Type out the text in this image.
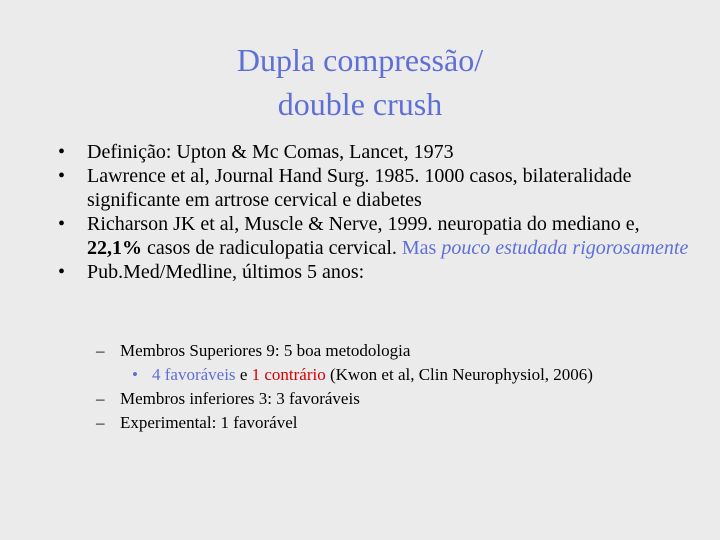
Dupla compressão/
double crush
• Definição: Upton & Mc Comas, Lancet, 1973
• Lawrence et al, Journal Hand Surg. 1985. 1000 casos, bilateralidade significante em artrose cervical e diabetes
• Richarson JK et al, Muscle & Nerve, 1999. neuropatia do mediano e, 22,1% casos de radiculopatia cervical. Mas pouco estudada rigorosamente
• Pub.Med/Medline, últimos 5 anos:
– Membros Superiores 9: 5 boa metodologia
• 4 favoráveis e 1 contrário (Kwon et al, Clin Neurophysiol, 2006)
– Membros inferiores 3: 3 favoráveis
– Experimental: 1 favorável
